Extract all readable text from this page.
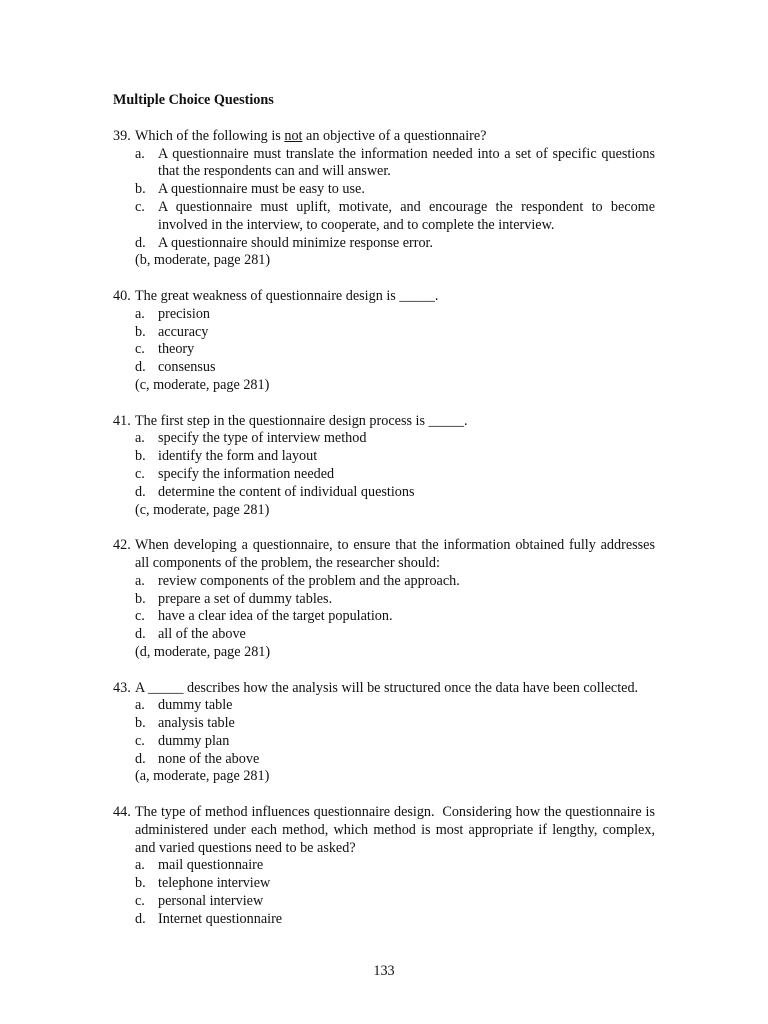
Multiple Choice Questions
39. Which of the following is not an objective of a questionnaire?
a. A questionnaire must translate the information needed into a set of specific questions that the respondents can and will answer.
b. A questionnaire must be easy to use.
c. A questionnaire must uplift, motivate, and encourage the respondent to become involved in the interview, to cooperate, and to complete the interview.
d. A questionnaire should minimize response error.
(b, moderate, page 281)
40. The great weakness of questionnaire design is _____.
a. precision
b. accuracy
c. theory
d. consensus
(c, moderate, page 281)
41. The first step in the questionnaire design process is _____.
a. specify the type of interview method
b. identify the form and layout
c. specify the information needed
d. determine the content of individual questions
(c, moderate, page 281)
42. When developing a questionnaire, to ensure that the information obtained fully addresses all components of the problem, the researcher should:
a. review components of the problem and the approach.
b. prepare a set of dummy tables.
c. have a clear idea of the target population.
d. all of the above
(d, moderate, page 281)
43. A _____ describes how the analysis will be structured once the data have been collected.
a. dummy table
b. analysis table
c. dummy plan
d. none of the above
(a, moderate, page 281)
44. The type of method influences questionnaire design.  Considering how the questionnaire is administered under each method, which method is most appropriate if lengthy, complex, and varied questions need to be asked?
a. mail questionnaire
b. telephone interview
c. personal interview
d. Internet questionnaire
133
